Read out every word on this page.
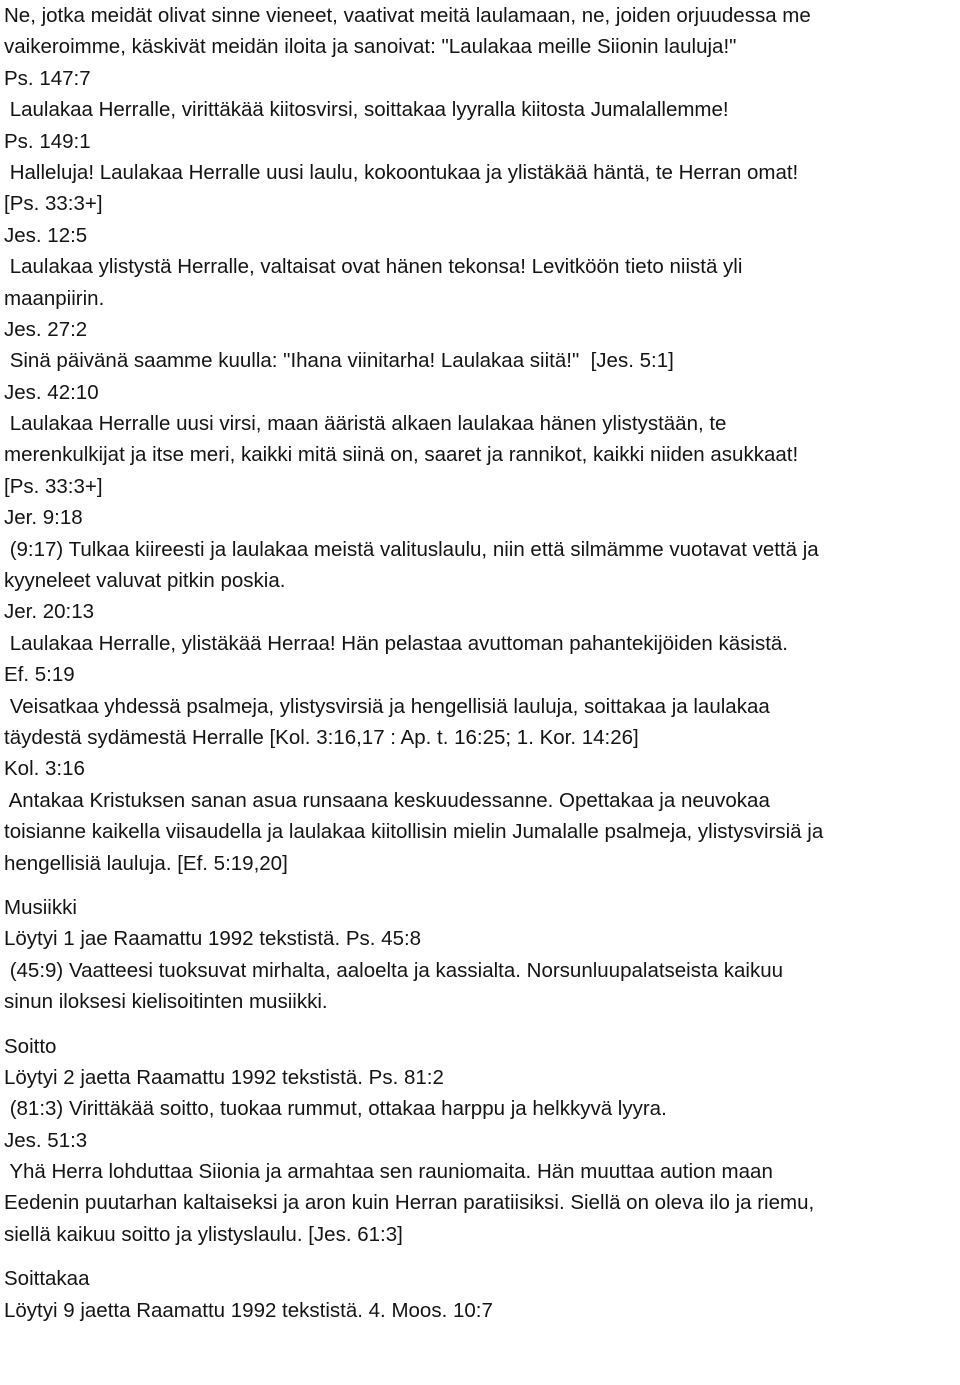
Ne, jotka meidät olivat sinne vieneet, vaativat meitä laulamaan, ne, joiden orjuudessa me
vaikeroimme, käskivät meidän iloita ja sanoivat: "Laulakaa meille Siionin lauluja!"
Ps. 147:7
Laulakaa Herralle, virittäkää kiitosvirsi, soittakaa lyyralla kiitosta Jumalallemme!
Ps. 149:1
Halleluja! Laulakaa Herralle uusi laulu, kokoontukaa ja ylistäkää häntä, te Herran omat!
[Ps. 33:3+]
Jes. 12:5
Laulakaa ylistystä Herralle, valtaisat ovat hänen tekonsa! Levitköön tieto niistä yli
maanpiirin.
Jes. 27:2
Sinä päivänä saamme kuulla: "Ihana viinitarha! Laulakaa siitä!"  [Jes. 5:1]
Jes. 42:10
Laulakaa Herralle uusi virsi, maan ääristä alkaen laulakaa hänen ylistystään, te
merenkulkijat ja itse meri, kaikki mitä siinä on, saaret ja rannikot, kaikki niiden asukkaat!
[Ps. 33:3+]
Jer. 9:18
(9:17) Tulkaa kiireesti ja laulakaa meistä valituslaulu, niin että silmämme vuotavat vettä ja
kyyneleet valuvat pitkin poskia.
Jer. 20:13
Laulakaa Herralle, ylistäkää Herraa! Hän pelastaa avuttoman pahantekijöiden käsistä.
Ef. 5:19
Veisatkaa yhdessä psalmeja, ylistysvirsiä ja hengellisiä lauluja, soittakaa ja laulakaa
täydestä sydämestä Herralle [Kol. 3:16,17 : Ap. t. 16:25; 1. Kor. 14:26]
Kol. 3:16
Antakaa Kristuksen sanan asua runsaana keskuudessanne. Opettakaa ja neuvokaa
toisianne kaikella viisaudella ja laulakaa kiitollisin mielin Jumalalle psalmeja, ylistysvirsiä ja
hengellisiä lauluja. [Ef. 5:19,20]
Musiikki
Löytyi 1 jae Raamattu 1992 tekstistä. Ps. 45:8
(45:9) Vaatteesi tuoksuvat mirhalta, aaloelta ja kassialta. Norsunluupalatseista kaikuu
sinun iloksesi kielisoitinten musiikki.
Soitto
Löytyi 2 jaetta Raamattu 1992 tekstistä. Ps. 81:2
(81:3) Virittäkää soitto, tuokaa rummut, ottakaa harppu ja helkkyvä lyyra.
Jes. 51:3
Yhä Herra lohduttaa Siionia ja armahtaa sen rauniomaita. Hän muuttaa aution maan
Eedenin puutarhan kaltaiseksi ja aron kuin Herran paratiisiksi. Siellä on oleva ilo ja riemu,
siellä kaikuu soitto ja ylistyslaulu. [Jes. 61:3]
Soittakaa
Löytyi 9 jaetta Raamattu 1992 tekstistä. 4. Moos. 10:7
